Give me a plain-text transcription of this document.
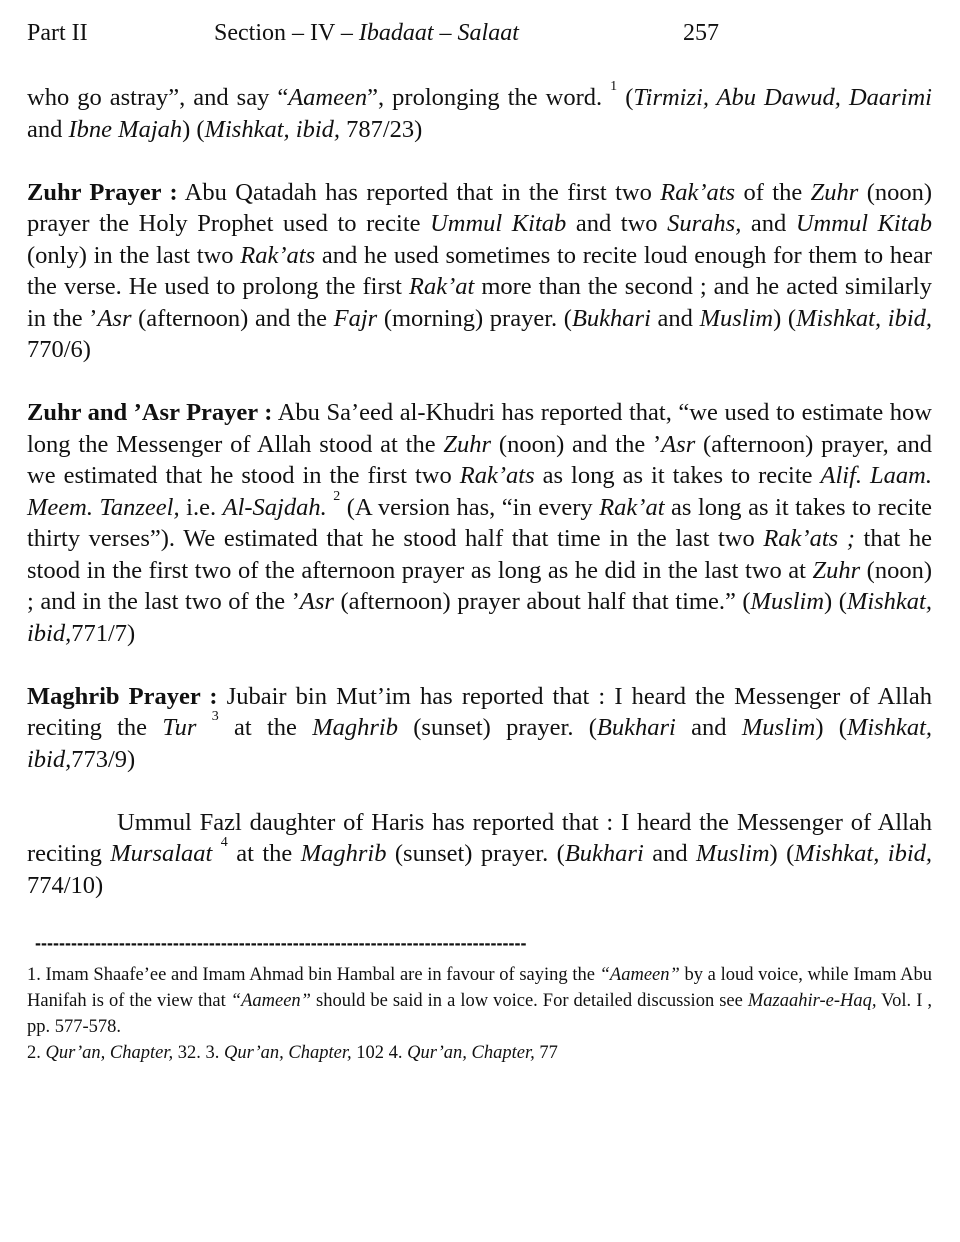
Part II	Section – IV – Ibadaat – Salaat	257

who go astray”, and say “Aameen”, prolonging the word. $^1$ (Tirmizi, Abu Dawud, Daarimi and Ibne Majah) (Mishkat, ibid, 787/23)

Zuhr Prayer : Abu Qatadah has reported that in the first two Rak’ats of the Zuhr (noon) prayer the Holy Prophet used to recite Ummul Kitab and two Surahs, and Ummul Kitab (only) in the last two Rak’ats and he used sometimes to recite loud enough for them to hear the verse. He used to prolong the first Rak’at more than the second ; and he acted similarly in the ’Asr (afternoon) and the Fajr (morning) prayer. (Bukhari and Muslim) (Mishkat, ibid, 770/6)

Zuhr and ’Asr Prayer : Abu Sa’eed al-Khudri has reported that, “we used to estimate how long the Messenger of Allah stood at the Zuhr (noon) and the ’Asr (afternoon) prayer, and we estimated that he stood in the first two Rak’ats as long as it takes to recite Alif. Laam. Meem. Tanzeel, i.e. Al-Sajdah. $^2$ (A version has, “in every Rak’at as long as it takes to recite thirty verses”). We estimated that he stood half that time in the last two Rak’ats ; that he stood in the first two of the afternoon prayer as long as he did in the last two at Zuhr (noon) ; and in the last two of the ’Asr (afternoon) prayer about half that time.” (Muslim) (Mishkat, ibid,771/7)

Maghrib Prayer : Jubair bin Mut’im has reported that : I heard the Messenger of Allah reciting the Tur $^3$ at the Maghrib (sunset) prayer. (Bukhari and Muslim) (Mishkat, ibid,773/9)

Ummul Fazl daughter of Haris has reported that : I heard the Messenger of Allah reciting Mursalaat $^4$ at the Maghrib (sunset) prayer. (Bukhari and Muslim) (Mishkat, ibid, 774/10)

----------------------------------------------------------------------------------

1. Imam Shaafe’ee and Imam Ahmad bin Hambal are in favour of saying the “Aameen” by a loud voice, while Imam Abu Hanifah is of the view that “Aameen” should be said in a low voice. For detailed discussion see Mazaahir-e-Haq, Vol. I , pp. 577-578.

2. Qur’an, Chapter, 32. 3. Qur’an, Chapter, 102 4. Qur’an, Chapter, 77
